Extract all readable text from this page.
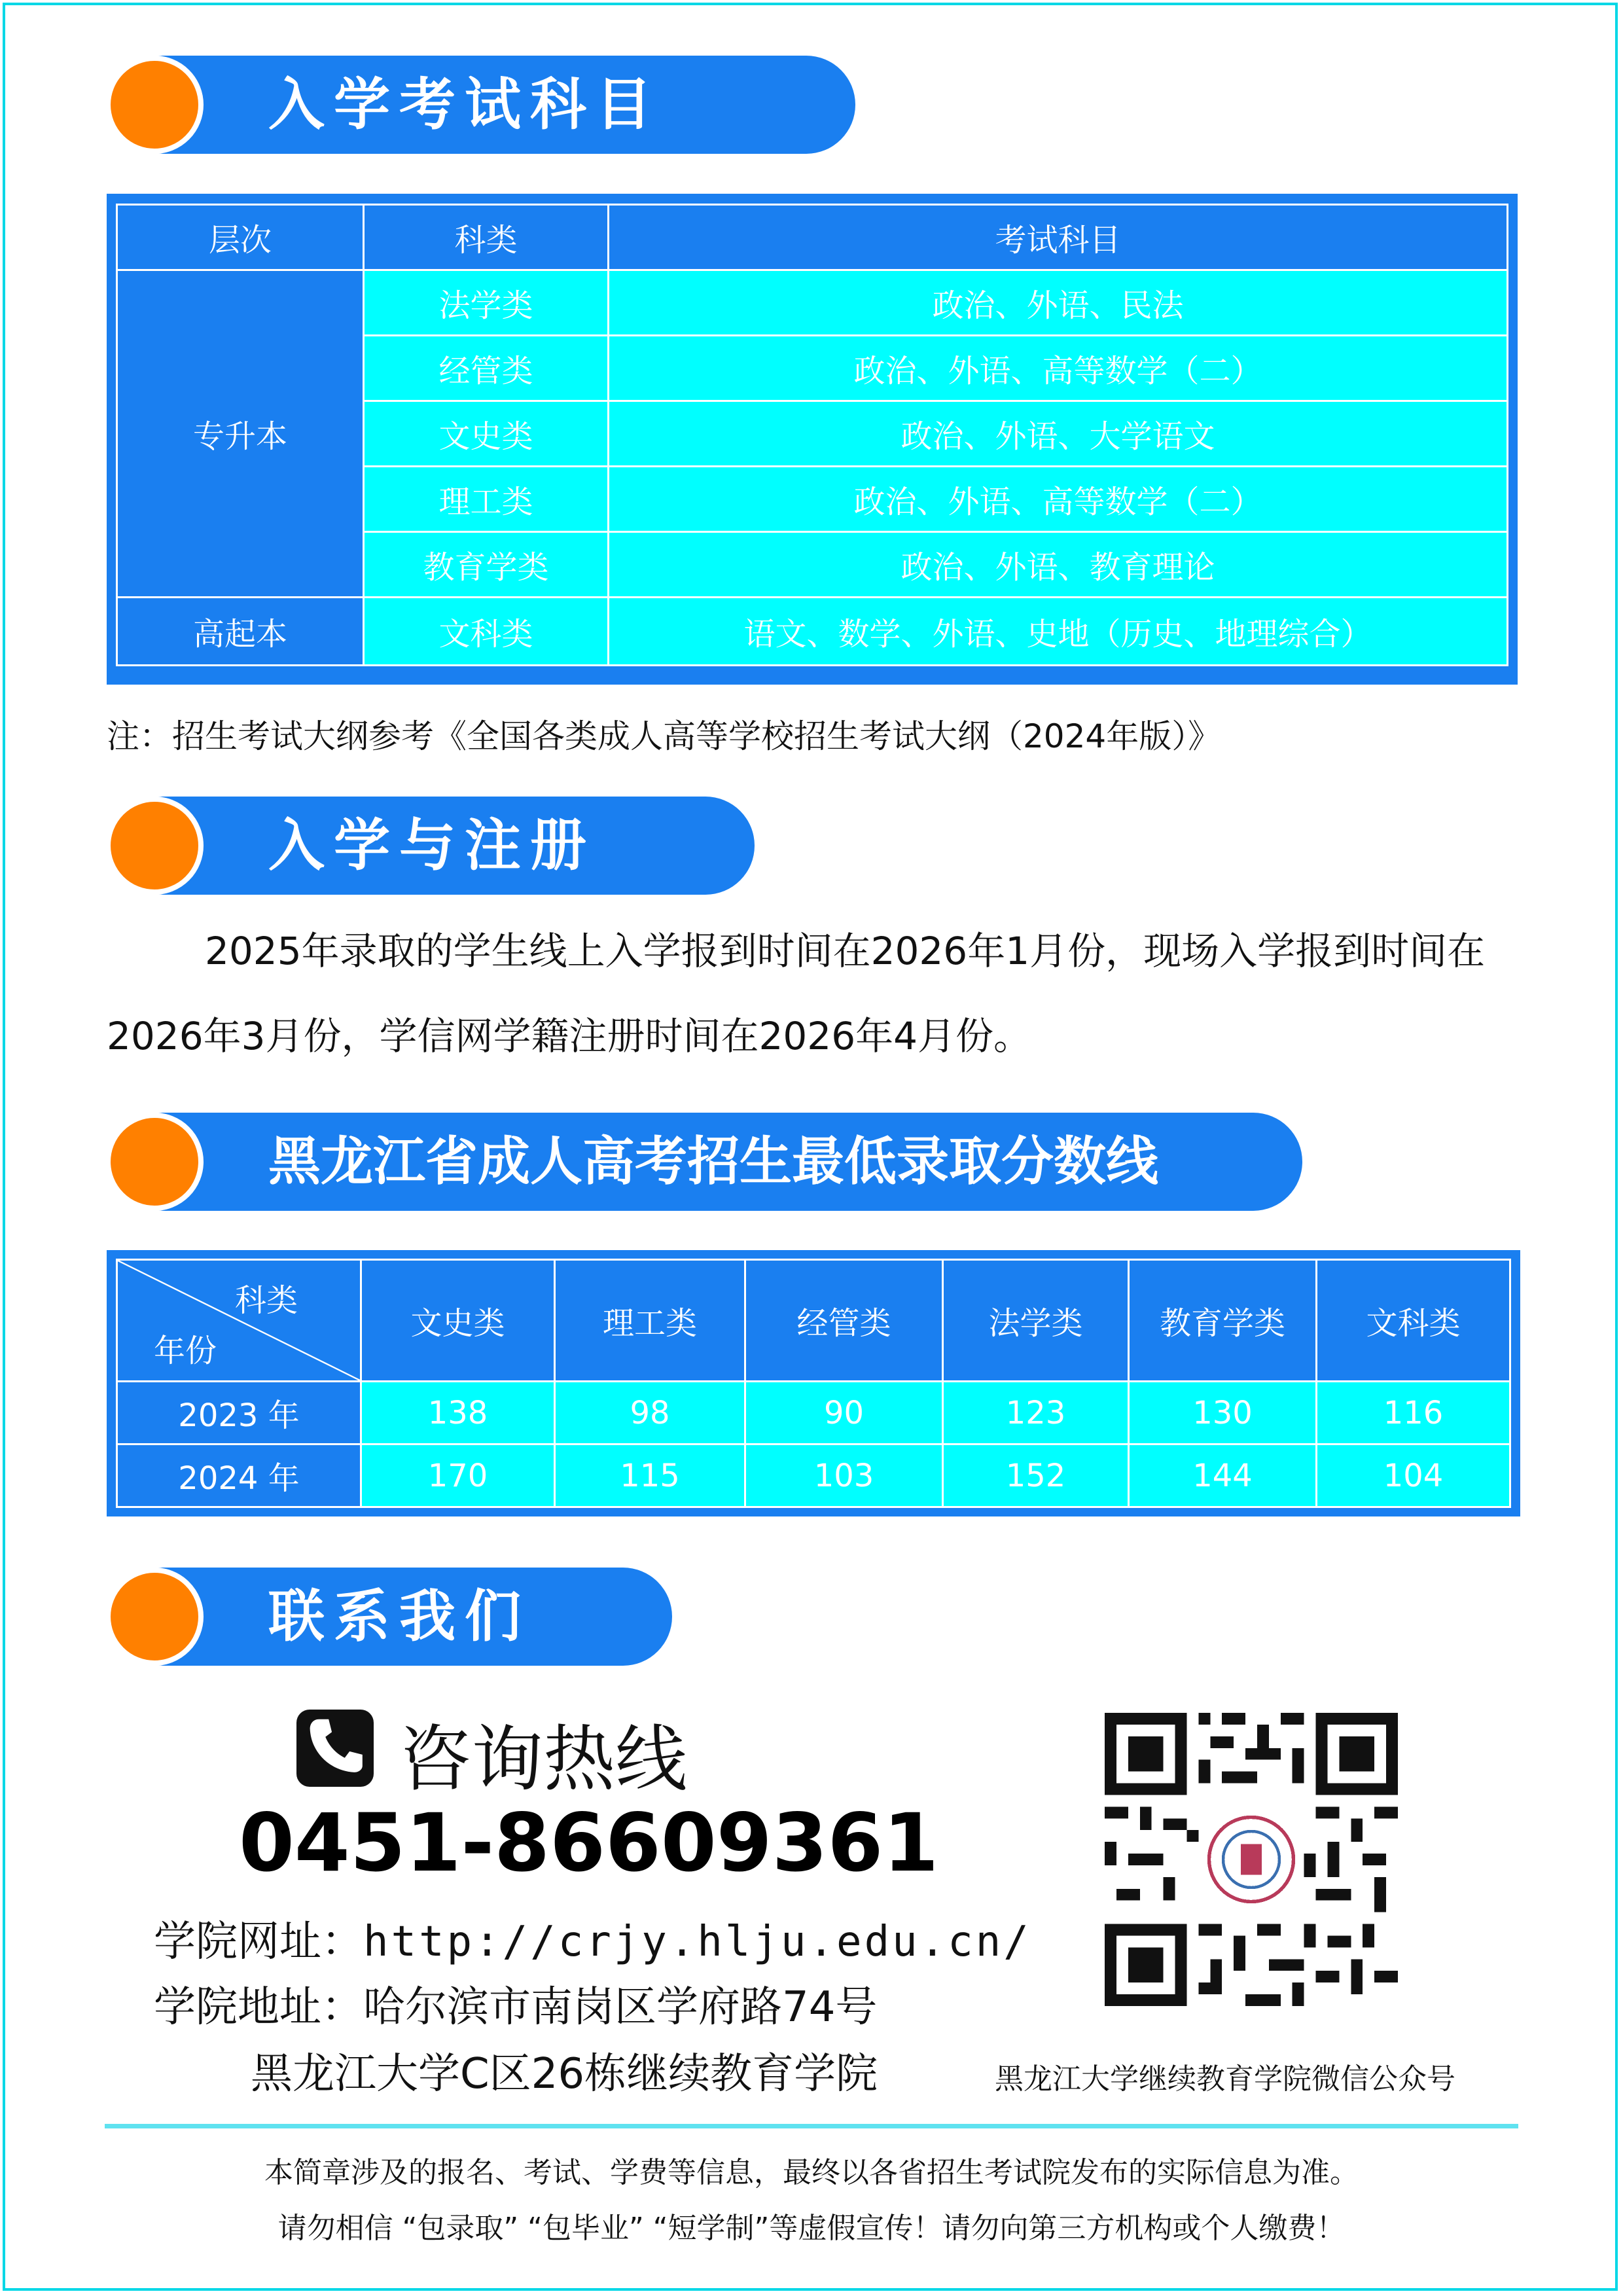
入学考试科目
层次	科类	考试科目
专升本	法学类	政治、外语、民法
	经管类	政治、外语、高等数学（二）
	文史类	政治、外语、大学语文
	理工类	政治、外语、高等数学（二）
	教育学类	政治、外语、教育理论
高起本	文科类	语文、数学、外语、史地（历史、地理综合）
注：招生考试大纲参考《全国各类成人高等学校招生考试大纲（2024年版）》
入学与注册
2025年录取的学生线上入学报到时间在2026年1月份，现场入学报到时间在2026年3月份，学信网学籍注册时间在2026年4月份。
黑龙江省成人高考招生最低录取分数线
科类
年份	文史类	理工类	经管类	法学类	教育学类	文科类
2023 年	138	98	90	123	130	116
2024 年	170	115	103	152	144	104
联系我们
咨询热线
0451-86609361
学院网址：http://crjy.hlju.edu.cn/
学院地址：哈尔滨市南岗区学府路74号
黑龙江大学C区26栋继续教育学院	黑龙江大学继续教育学院微信公众号
本简章涉及的报名、考试、学费等信息，最终以各省招生考试院发布的实际信息为准。
请勿相信 “包录取” “包毕业” “短学制”等虚假宣传！请勿向第三方机构或个人缴费！
